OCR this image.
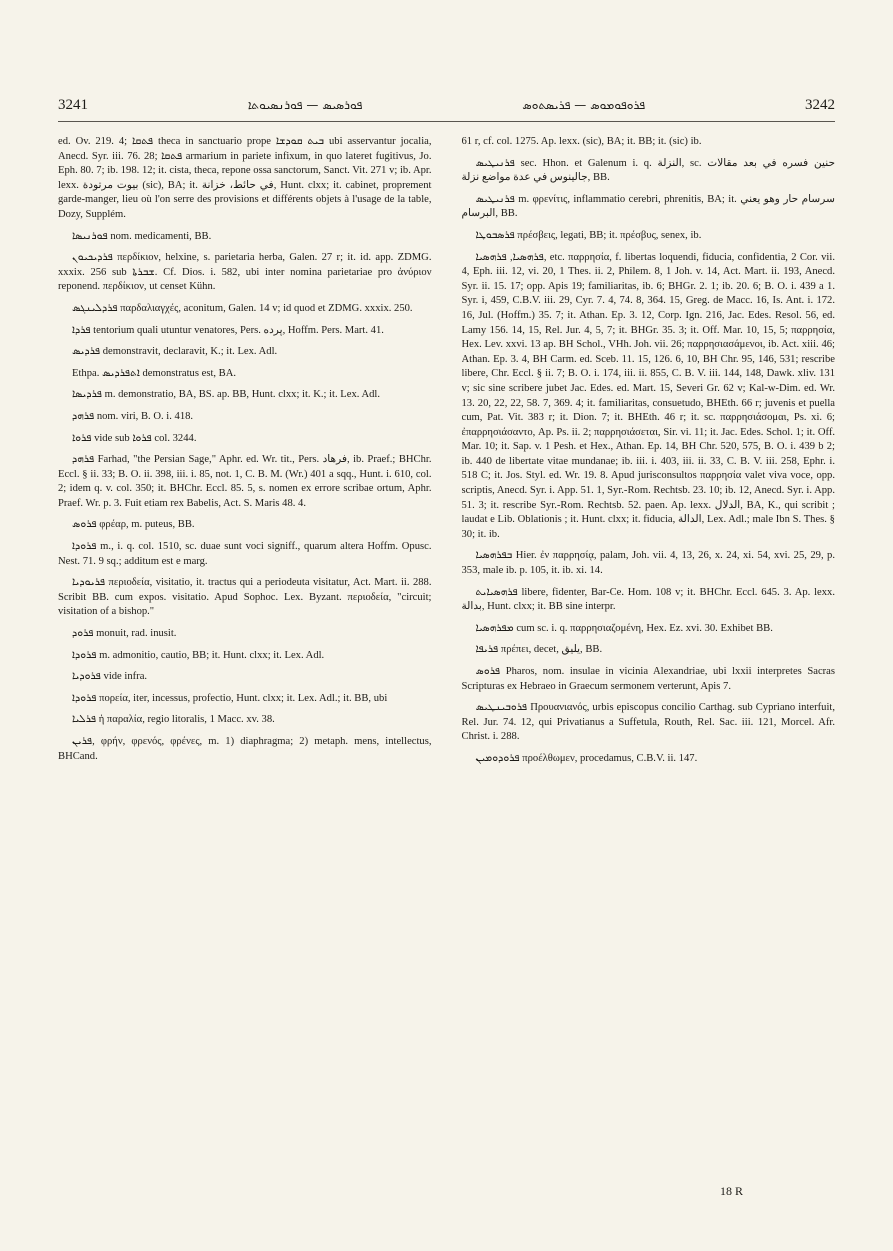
3241	ܦܘܪܣܝܣ — ܦܘܪܢܣܝܘܬܐ	ܦܪܘܦܘܡܘܣ — ܦܪܝܣܬܘܣ	3242

ed. Ov. 219. 4; ܦܬܩܐ theca in sanctuario prope ܒܝܬ ܩܘܕܫܐ ubi asservantur jocalia, Anecd. Syr. iii. 76. 28; ܦܬܩܐ armarium in pariete infixum, in quo lateret fugitivus, Jo. Eph. 80. 7; ib. 198. 12; it. cista, theca, repone ossa sanctorum, Sanct. Vit. 271 v; ib. Apr. lexx. بيوت مرتودة (sic), BA; it. في حائط، خزانة, Hunt. clxx; it. cabinet, proprement garde-manger, lieu où l'on serre des provisions et différents objets à l'usage de la table, Dozy, Supplém.

ܦܘܪܢܝܣܐ nom. medicamenti, BB.

ܦܪܕܝܟܝܘܢ περδίκιον, helxine, s. parietaria herba, Galen. 27 r; it. id. app. ZDMG. xxxix. 256 sub ܫܒܪܬܐ. Cf. Dios. i. 582, ubi inter nomina parietariae pro ἀνύριον reponend. περδίκιον, ut censet Kühn.

ܦܪܕܠܝܢܓܣ παρδαλιαγχές, aconitum, Galen. 14 v; id quod et ZDMG. xxxix. 250.

ܦܪܕܐ tentorium quali utuntur venatores, Pers. پرده, Hoffm. Pers. Mart. 41.

ܦܪܕܝܣ demonstravit, declaravit, K.; it. Lex. Adl.

Ethpa. ܐܬܦܪܕܝܣ demonstratus est, BA.

ܦܪܕܝܣܐ m. demonstratio, BA, BS. ap. BB, Hunt. clxx; it. K.; it. Lex. Adl.

ܦܪܗܕ nom. viri, B. O. i. 418.

ܦܪܘܐ vide sub ܦܪܘܐ col. 3244.

ܦܪܗܕ Farhad, "the Persian Sage," Aphr. ed. Wr. tit., Pers. فرهاد, ib. Praef.; BHChr. Eccl. § ii. 33; B. O. ii. 398, iii. i. 85, not. 1, C. B. M. (Wr.) 401 a sqq., Hunt. i. 610, col. 2; idem q. v. col. 350; it. BHChr. Eccl. 85. 5, s. nomen ex errore scribae ortum, Aphr. Praef. Wr. p. 3. Fuit etiam rex Babelis, Act. S. Maris 48. 4.

ܦܪܘܣ φρέαρ, m. puteus, BB.

ܦܪܘܕܐ m., i. q. col. 1510, sc. duae sunt voci signiff., quarum altera Hoffm. Opusc. Nest. 71. 9 sq.; additum est e marg.

ܦܪܝܘܕܝܐ περιοδεία, visitatio, it. tractus qui a periodeuta visitatur, Act. Mart. ii. 288. Scribit BB. cum expos. visitatio. Apud Sophoc. Lex. Byzant. περιοδεία, "circuit; visitation of a bishop."

ܦܪܘܕ monuit, rad. inusit.

ܦܪܘܕܐ m. admonitio, cautio, BB; it. Hunt. clxx; it. Lex. Adl.

ܦܪܘܕܝܐ vide infra.

ܦܪܘܕܐ πορεία, iter, incessus, profectio, Hunt. clxx; it. Lex. Adl.; it. BB, ubi

ܦܪܠܝܐ ἡ παραλία, regio litoralis, 1 Macc. xv. 38.

ܦܪܝܢ, φρήν, φρενός, φρένες, m. 1) diaphragma; 2) metaph. mens, intellectus, BHCand.

61 r, cf. col. 1275. Ap. lexx. (sic), BA; it. BB; it. (sic) ib.

ܦܪܢܝܛܝܣ sec. Hhon. et Galenum i. q. النزلة, sc. حنين فسره في بعد مقالات جالينوس في عدة مواضع نزلة, BB.

ܦܪܢܝܛܝܣ m. φρενίτις, inflammatio cerebri, phrenitis, BA; it. سرسام حار وهو يعني البرسام, BB.

ܦܪܣܒܘܛܐ πρέσβεις, legati, BB; it. πρέσβυς, senex, ib.

ܦܪܗܣܝܐ, ܦܪܗܣܝܐ, etc. παρρησία, f. libertas loquendi, fiducia, confidentia, 2 Cor. vii. 4, Eph. iii. 12, vi. 20, 1 Thes. ii. 2, Philem. 8, 1 Joh. v. 14, Act. Mart. ii. 193, Anecd. Syr. ii. 15. 17; opp. Apis 19; familiaritas, ib. 6; BHGr. 2. 1; ib. 20. 6; B. O. i. 439 a 1. Syr. i, 459, C.B.V. iii. 29, Cyr. 7. 4, 74. 8, 364. 15, Greg. de Macc. 16, Is. Ant. i. 172. 16, Jul. (Hoffm.) 35. 7; it. Athan. Ep. 3. 12, Corp. Ign. 216, Jac. Edes. Resol. 56, ed. Lamy 156. 14, 15, Rel. Jur. 4, 5, 7; it. BHGr. 35. 3; it. Off. Mar. 10, 15, 5; παρρησία, Hex. Lev. xxvi. 13 ap. BH Schol., VHh. Joh. vii. 26; παρρησιασάμενοι, ib. Act. xiii. 46; Athan. Ep. 3. 4, BH Carm. ed. Sceb. 11. 15, 126. 6, 10, BH Chr. 95, 146, 531; rescribe libere, Chr. Eccl. § ii. 7; B. O. i. 174, iii. ii. 855, C. B. V. iii. 144, 148, Dawk. xliv. 131 v; sic sine scribere jubet Jac. Edes. ed. Mart. 15, Severi Gr. 62 v; Kal-w-Dim. ed. Wr. 13. 20, 22, 22, 58. 7, 369. 4; it. familiaritas, consuetudo, BHEth. 66 r; juvenis et puella cum, Pat. Vit. 383 r; it. Dion. 7; it. BHEth. 46 r; it. sc. παρρησιάσομαι, Ps. xi. 6; ἐπαρρησιάσαντο, Ap. Ps. ii. 2; παρρησιάσεται, Sir. vi. 11; it. Jac. Edes. Schol. 1; it. Off. Mar. 10; it. Sap. v. 1 Pesh. et Hex., Athan. Ep. 14, BH Chr. 520, 575, B. O. i. 439 b 2; ib. 440 de libertate vitae mundanae; ib. iii. i. 403, iii. ii. 33, C. B. V. iii. 258, Ephr. i. 518 C; it. Jos. Styl. ed. Wr. 19. 8. Apud jurisconsultos παρρησία valet viva voce, opp. scriptis, Anecd. Syr. i. App. 51. 1, Syr.-Rom. Rechtsb. 23. 10; ib. 12, Anecd. Syr. i. App. 51. 3; it. rescribe Syr.-Rom. Rechtsb. 52. paen. Ap. lexx. الدلال, BA, K., qui scribit ; laudat e Lib. Oblationis ; it. Hunt. clxx; it. fiducia, الدالة, Lex. Adl.; male Ibn S. Thes. § 30; it. ib.

ܒܦܪܗܣܝܐ Hier. ἐν παρρησίᾳ, palam, Joh. vii. 4, 13, 26, x. 24, xi. 54, xvi. 25, 29, p. 353, male ib. p. 105, it. ib. xi. 14.

ܦܪܗܣܝܐܝܬ libere, fidenter, Bar-Ce. Hom. 108 v; it. BHChr. Eccl. 645. 3. Ap. lexx. بدالة, Hunt. clxx; it. BB sine interpr.

ܡܦܪܗܣܝܐ cum sc. i. q. παρρησιαζομένη, Hex. Ez. xvi. 30. Exhibet BB.

ܦܪܝܦܐ πρέπει, decet, يليق, BB.

ܦܪܘܣ Pharos, nom. insulae in vicinia Alexandriae, ubi lxxii interpretes Sacras Scripturas ex Hebraeo in Graecum sermonem verterunt, Apis 7.

ܦܪܘܒܝܢܛܝܣ Προυανιανός, urbis episcopus concilio Carthag. sub Cypriano interfuit, Rel. Jur. 74. 12, qui Privatianus a Suffetula, Routh, Rel. Sac. iii. 121, Morcel. Afr. Christ. i. 288.

ܦܪܘܕܘܡܝܢ προέλθωμεν, procedamus, C.B.V. ii. 147.

18 R
